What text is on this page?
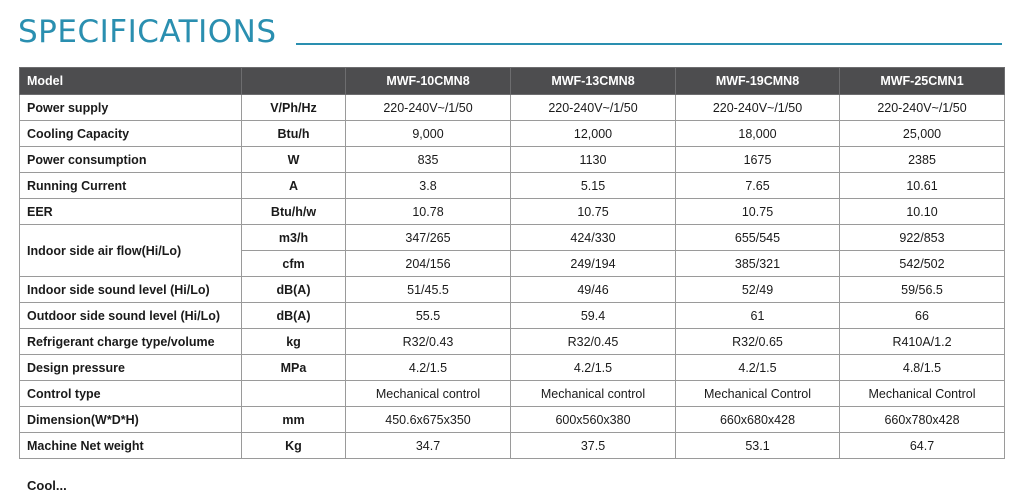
SPECIFICATIONS
Model		MWF-10CMN8	MWF-13CMN8	MWF-19CMN8	MWF-25CMN1
Power supply	V/Ph/Hz	220-240V~/1/50	220-240V~/1/50	220-240V~/1/50	220-240V~/1/50
Cooling Capacity	Btu/h	9,000	12,000	18,000	25,000
Power consumption	W	835	1130	1675	2385
Running Current	A	3.8	5.15	7.65	10.61
EER	Btu/h/w	10.78	10.75	10.75	10.10
Indoor side air flow(Hi/Lo)	m3/h	347/265	424/330	655/545	922/853
	cfm	204/156	249/194	385/321	542/502
Indoor side sound level (Hi/Lo)	dB(A)	51/45.5	49/46	52/49	59/56.5
Outdoor side sound level (Hi/Lo)	dB(A)	55.5	59.4	61	66
Refrigerant charge type/volume	kg	R32/0.43	R32/0.45	R32/0.65	R410A/1.2
Design pressure	MPa	4.2/1.5	4.2/1.5	4.2/1.5	4.8/1.5
Control type		Mechanical control	Mechanical control	Mechanical Control	Mechanical Control
Dimension(W*D*H)	mm	450.6x675x350	600x560x380	660x680x428	660x780x428
Machine Net weight	Kg	34.7	37.5	53.1	64.7
Cool...
